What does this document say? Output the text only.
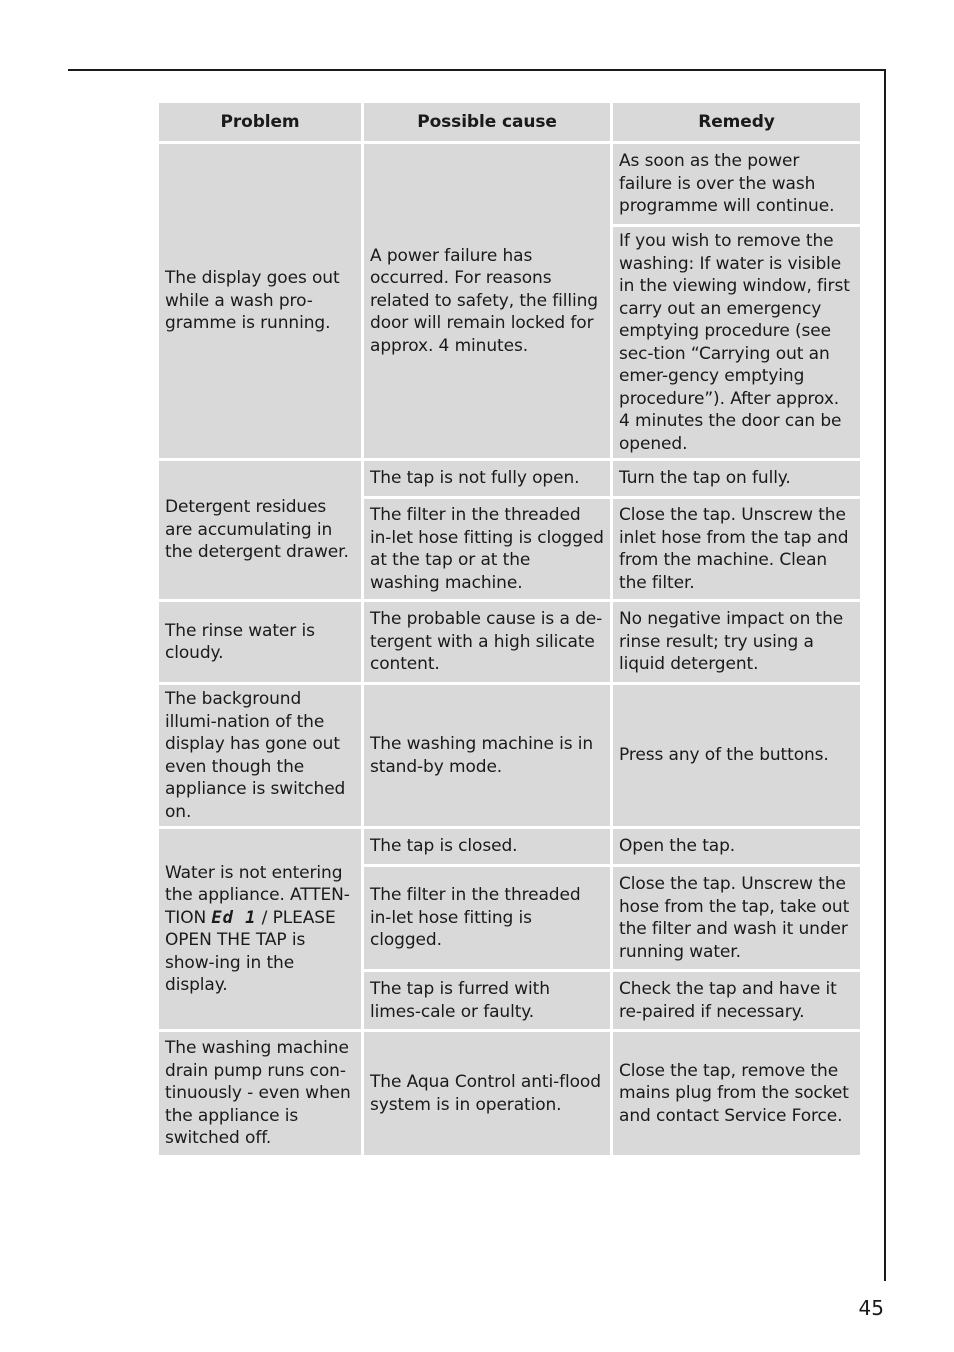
Problem	Possible cause	Remedy
The display goes out while a wash pro-gramme is running.	A power failure has occurred. For reasons related to safety, the filling door will remain locked for approx. 4 minutes.	As soon as the power failure is over the wash programme will continue.
		If you wish to remove the washing: If water is visible in the viewing window, first carry out an emergency emptying procedure (see sec-tion “Carrying out an emer-gency emptying procedure”). After approx. 4 minutes the door can be opened.
Detergent residues are accumulating in the detergent drawer.	The tap is not fully open.	Turn the tap on fully.
	The filter in the threaded in-let hose fitting is clogged at the tap or at the washing machine.	Close the tap. Unscrew the inlet hose from the tap and from the machine. Clean the filter.
The rinse water is cloudy.	The probable cause is a de-tergent with a high silicate content.	No negative impact on the rinse result; try using a liquid detergent.
The background illumi-nation of the display has gone out even though the appliance is switched on.	The washing machine is in stand-by mode.	Press any of the buttons.
Water is not entering the appliance. ATTEN-TION Ed 1 / PLEASE OPEN THE TAP is show-ing in the display.	The tap is closed.	Open the tap.
	The filter in the threaded in-let hose fitting is clogged.	Close the tap. Unscrew the hose from the tap, take out the filter and wash it under running water.
	The tap is furred with limes-cale or faulty.	Check the tap and have it re-paired if necessary.
The washing machine drain pump runs con-tinuously - even when the appliance is switched off.	The Aqua Control anti-flood system is in operation.	Close the tap, remove the mains plug from the socket and contact Service Force.
45
